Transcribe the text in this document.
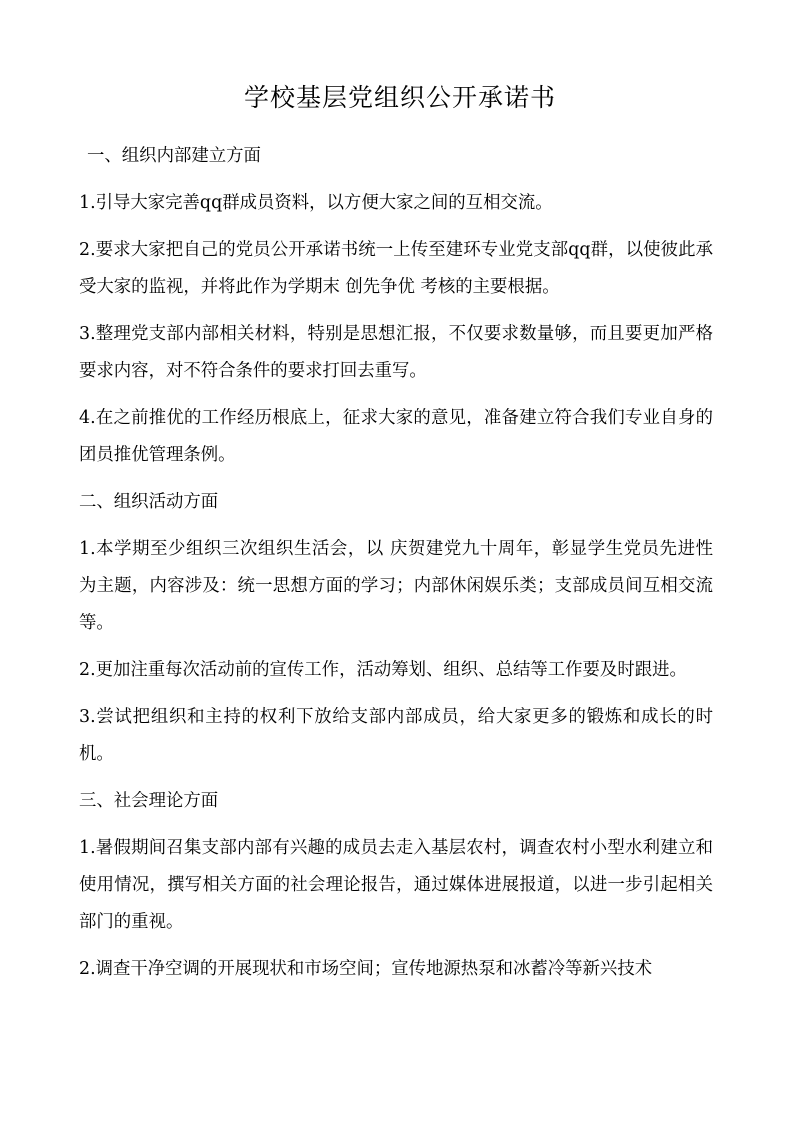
学校基层党组织公开承诺书

一、组织内部建立方面

1.引导大家完善qq群成员资料，以方便大家之间的互相交流。

2.要求大家把自己的党员公开承诺书统一上传至建环专业党支部qq群，以使彼此承受大家的监视，并将此作为学期末 创先争优 考核的主要根据。

3.整理党支部内部相关材料，特别是思想汇报，不仅要求数量够，而且要更加严格要求内容，对不符合条件的要求打回去重写。

4.在之前推优的工作经历根底上，征求大家的意见，准备建立符合我们专业自身的团员推优管理条例。

二、组织活动方面

1.本学期至少组织三次组织生活会，以 庆贺建党九十周年，彰显学生党员先进性 为主题，内容涉及：统一思想方面的学习；内部休闲娱乐类；支部成员间互相交流等。

2.更加注重每次活动前的宣传工作，活动筹划、组织、总结等工作要及时跟进。

3.尝试把组织和主持的权利下放给支部内部成员，给大家更多的锻炼和成长的时机。

三、社会理论方面

1.暑假期间召集支部内部有兴趣的成员去走入基层农村，调查农村小型水利建立和使用情况，撰写相关方面的社会理论报告，通过媒体进展报道，以进一步引起相关部门的重视。

2.调查干净空调的开展现状和市场空间；宣传地源热泵和冰蓄冷等新兴技术
